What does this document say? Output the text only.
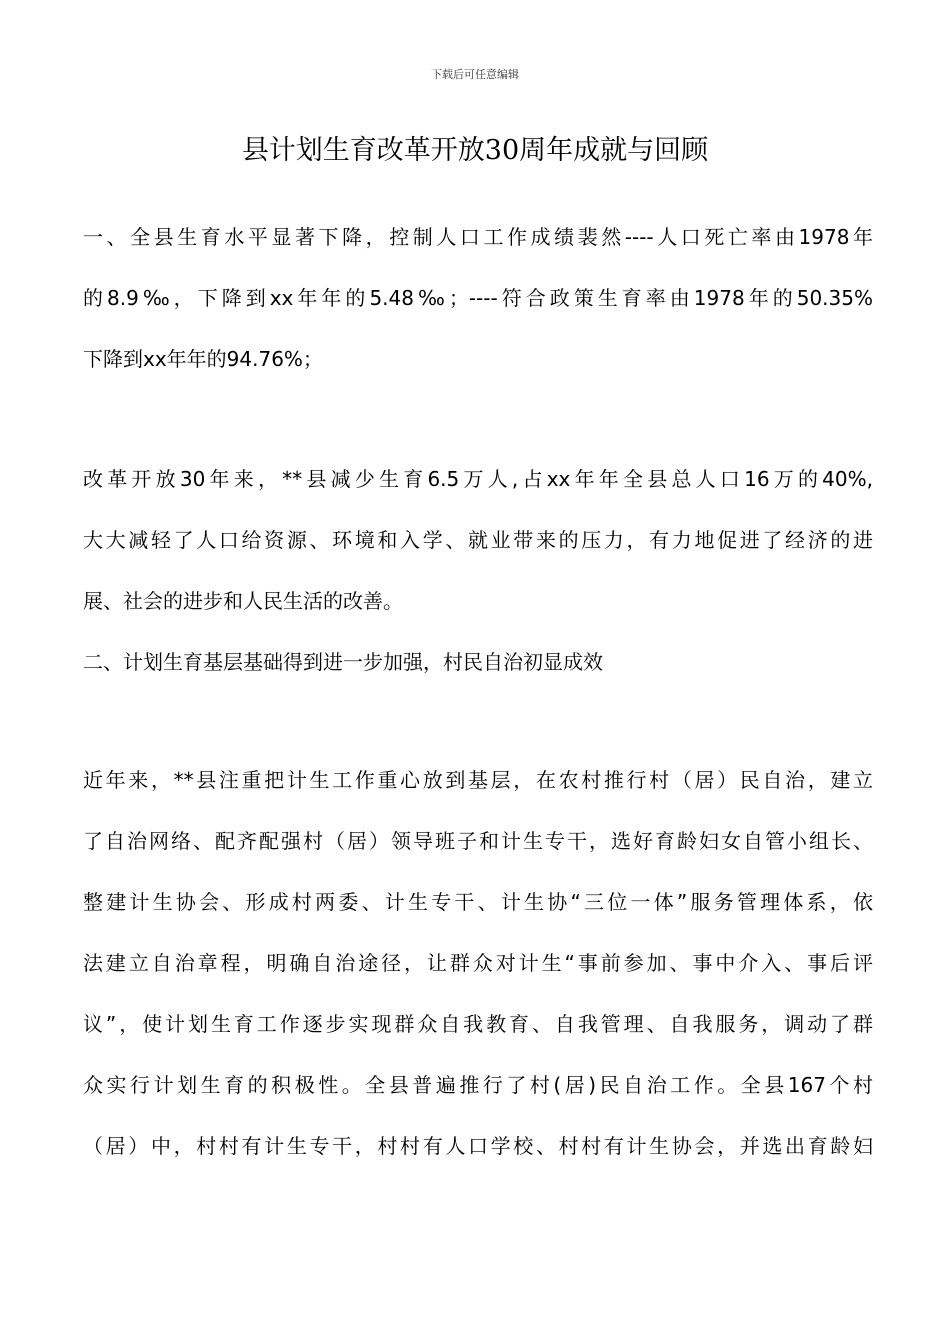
下载后可任意编辑
县计划生育改革开放30周年成就与回顾
一、全县生育水平显著下降，控制人口工作成绩裴然----人口死亡率由1978年
的8.9‰，下降到xx年年的5.48‰；----符合政策生育率由1978年的50.35%
下降到xx年年的94.76%；
改革开放30年来，**县减少生育6.5万人,占xx年年全县总人口16万的40%,
大大减轻了人口给资源、环境和入学、就业带来的压力，有力地促进了经济的进
展、社会的进步和人民生活的改善。
二、计划生育基层基础得到进一步加强，村民自治初显成效
近年来，**县注重把计生工作重心放到基层，在农村推行村（居）民自治，建立
了自治网络、配齐配强村（居）领导班子和计生专干，选好育龄妇女自管小组长、
整建计生协会、形成村两委、计生专干、计生协“三位一体”服务管理体系，依
法建立自治章程，明确自治途径，让群众对计生“事前参加、事中介入、事后评
议”，使计划生育工作逐步实现群众自我教育、自我管理、自我服务，调动了群
众实行计划生育的积极性。全县普遍推行了村(居)民自治工作。全县167个村
（居）中，村村有计生专干，村村有人口学校、村村有计生协会，并选出育龄妇
